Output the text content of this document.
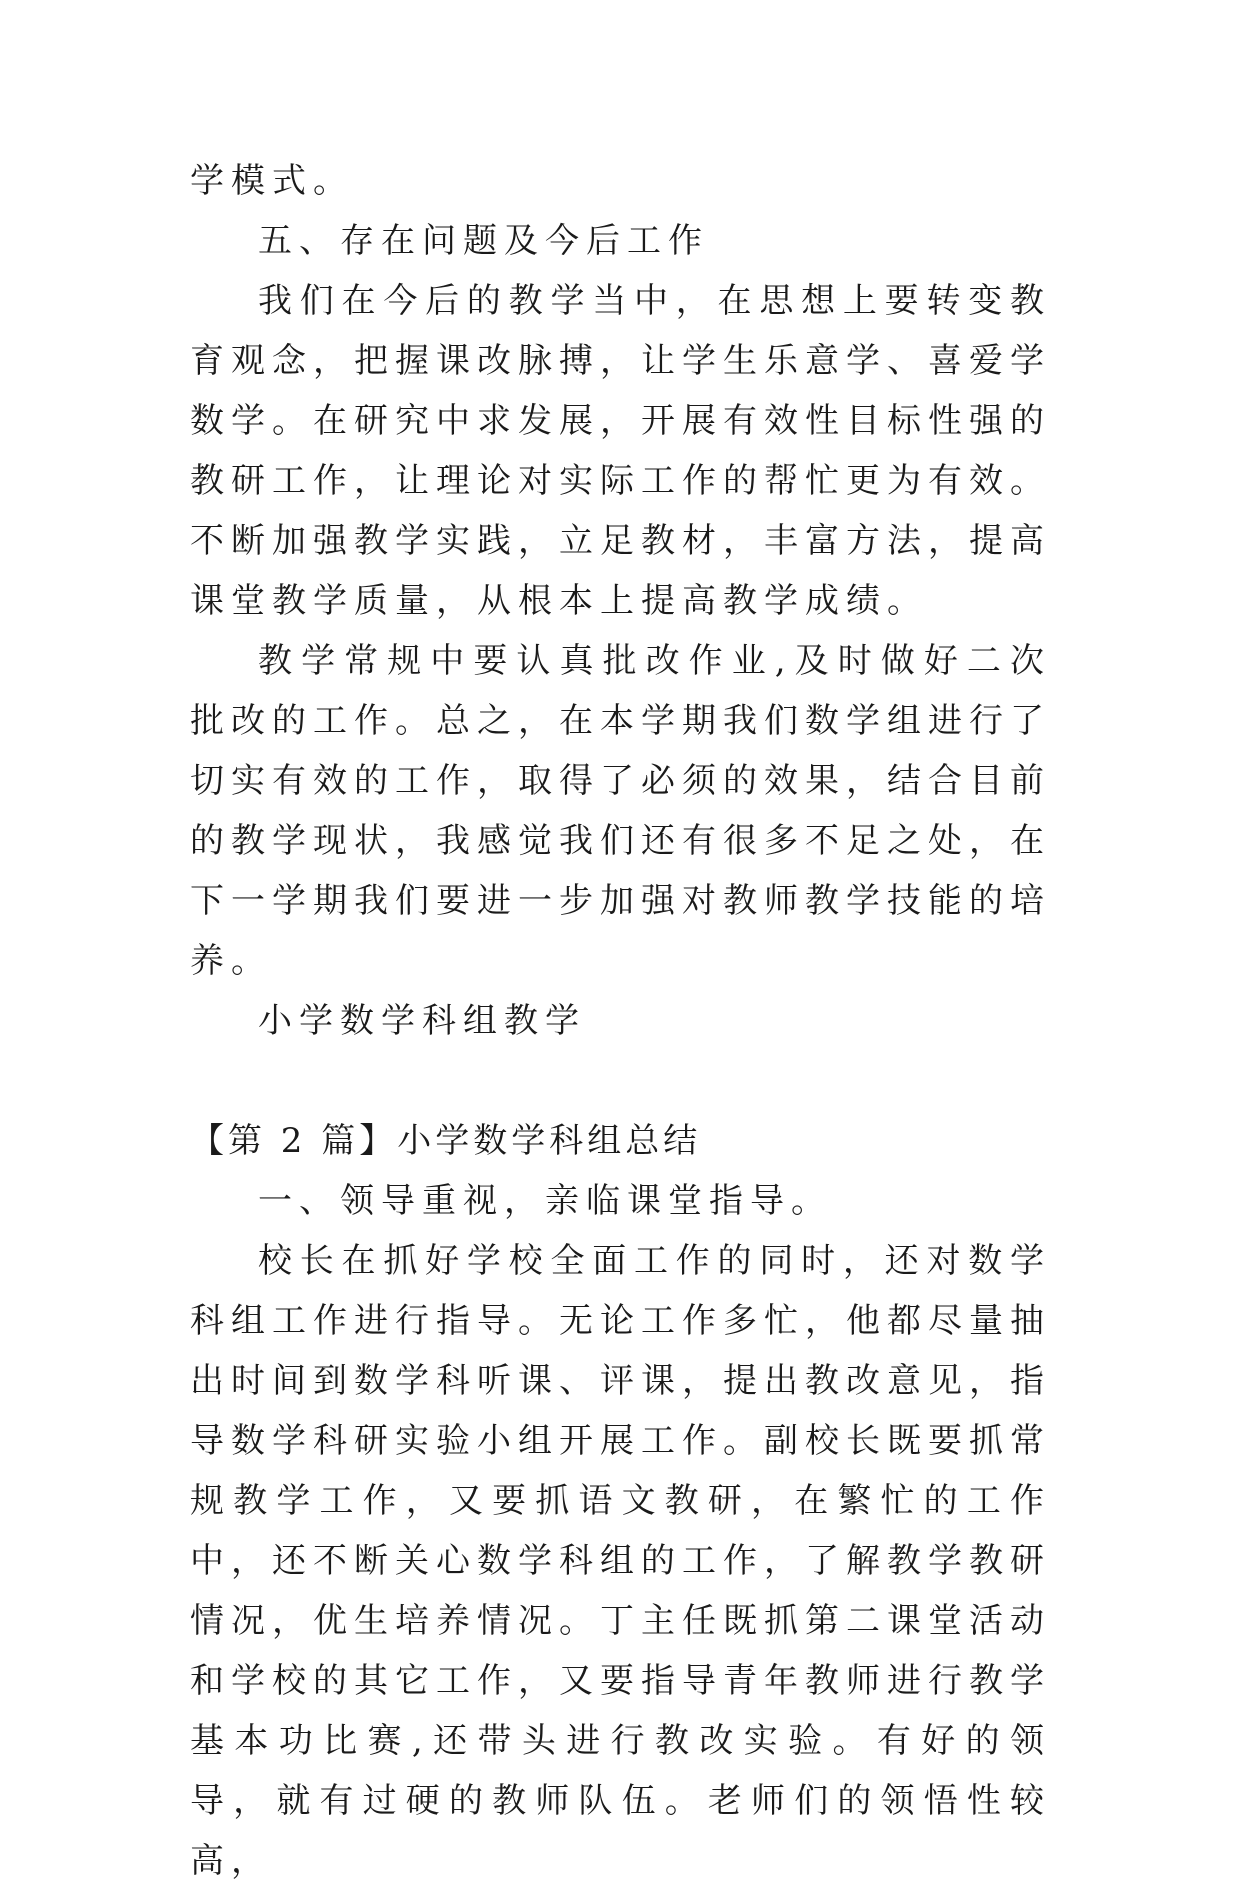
学模式。

五、存在问题及今后工作

我们在今后的教学当中，在思想上要转变教育观念，把握课改脉搏，让学生乐意学、喜爱学数学。在研究中求发展，开展有效性目标性强的教研工作，让理论对实际工作的帮忙更为有效。不断加强教学实践，立足教材，丰富方法，提高课堂教学质量，从根本上提高教学成绩。

教学常规中要认真批改作业,及时做好二次批改的工作。总之，在本学期我们数学组进行了切实有效的工作，取得了必须的效果，结合目前的教学现状，我感觉我们还有很多不足之处，在下一学期我们要进一步加强对教师教学技能的培养。

小学数学科组教学

【第 2 篇】小学数学科组总结

一、领导重视，亲临课堂指导。

校长在抓好学校全面工作的同时，还对数学科组工作进行指导。无论工作多忙，他都尽量抽出时间到数学科听课、评课，提出教改意见，指导数学科研实验小组开展工作。副校长既要抓常规教学工作，又要抓语文教研，在繁忙的工作中，还不断关心数学科组的工作，了解教学教研情况，优生培养情况。丁主任既抓第二课堂活动和学校的其它工作，又要指导青年教师进行教学基本功比赛,还带头进行教改实验。有好的领导，就有过硬的教师队伍。老师们的领悟性较高，
